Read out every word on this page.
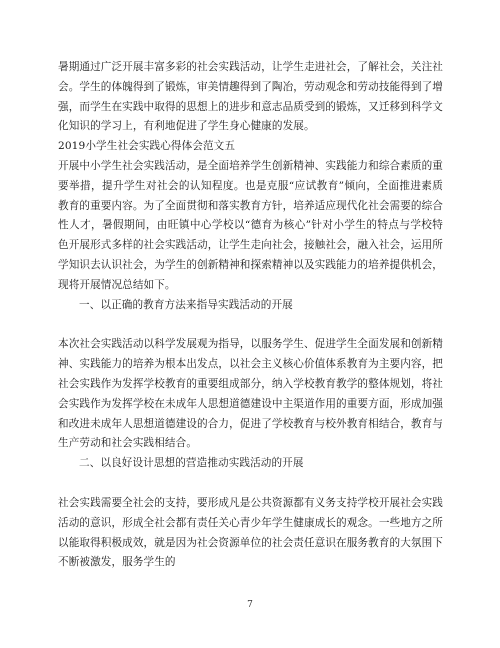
暑期通过广泛开展丰富多彩的社会实践活动，让学生走进社会，了解社会，关注社会。学生的体魄得到了锻炼，审美情趣得到了陶冶，劳动观念和劳动技能得到了增强，而学生在实践中取得的思想上的进步和意志品质受到的锻炼，又迁移到科学文化知识的学习上，有利地促进了学生身心健康的发展。

2019小学生社会实践心得体会范文五

开展中小学生社会实践活动，是全面培养学生创新精神、实践能力和综合素质的重要举措，提升学生对社会的认知程度。也是克服“应试教育”倾向，全面推进素质教育的重要内容。为了全面贯彻和落实教育方针，培养适应现代化社会需要的综合性人才，暑假期间，由旺镇中心学校以“德育为核心”针对小学生的特点与学校特色开展形式多样的社会实践活动，让学生走向社会，接触社会，融入社会，运用所学知识去认识社会，为学生的创新精神和探索精神以及实践能力的培养提供机会，现将开展情况总结如下。

一、以正确的教育方法来指导实践活动的开展

本次社会实践活动以科学发展观为指导，以服务学生、促进学生全面发展和创新精神、实践能力的培养为根本出发点，以社会主义核心价值体系教育为主要内容，把社会实践作为发挥学校教育的重要组成部分，纳入学校教育教学的整体规划，将社会实践作为发挥学校在未成年人思想道德建设中主渠道作用的重要方面，形成加强和改进未成年人思想道德建设的合力，促进了学校教育与校外教育相结合，教育与生产劳动和社会实践相结合。

二、以良好设计思想的营造推动实践活动的开展

社会实践需要全社会的支持，要形成凡是公共资源都有义务支持学校开展社会实践活动的意识，形成全社会都有责任关心青少年学生健康成长的观念。一些地方之所以能取得积极成效，就是因为社会资源单位的社会责任意识在服务教育的大氛围下不断被激发，服务学生的

7
